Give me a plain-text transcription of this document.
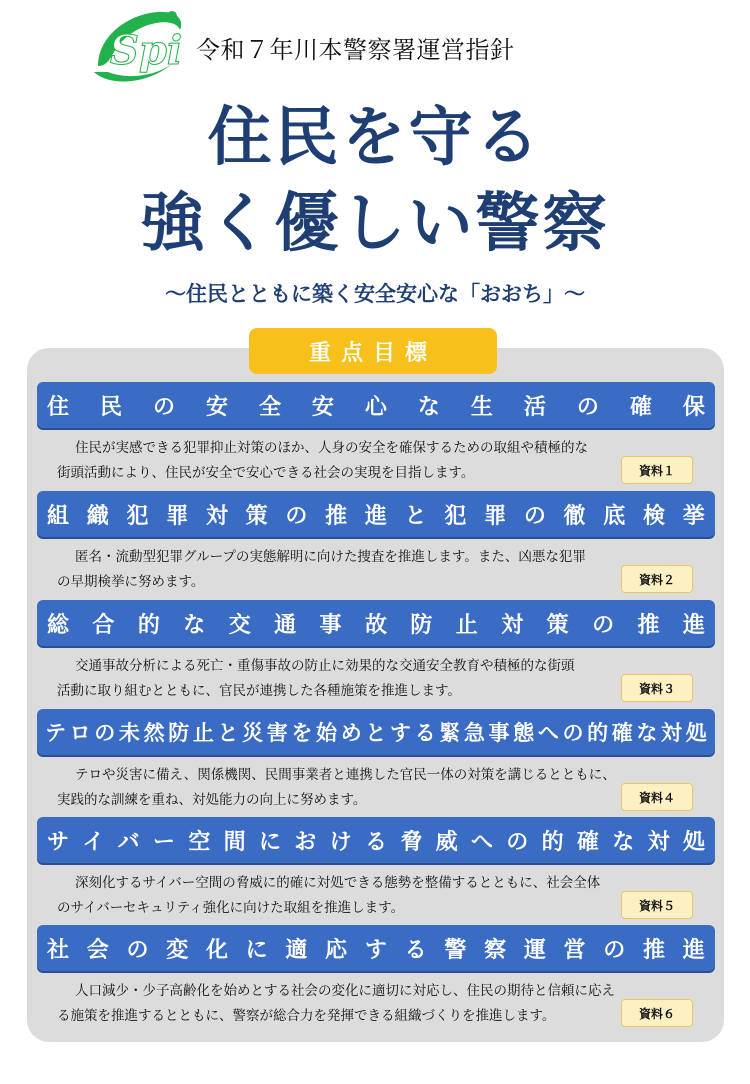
Spi 令和７年川本警察署運営指針
住民を守る
強く優しい警察
～住民とともに築く安全安心な「おおち」～
重点目標
住 民 の 安 全 安 心 な 生 活 の 確 保
住民が実感できる犯罪抑止対策のほか、人身の安全を確保するための取組や積極的な
街頭活動により、住民が安全で安心できる社会の実現を目指します。	資料１
組 織 犯 罪 対 策 の 推 進 と 犯 罪 の 徹 底 検 挙
匿名・流動型犯罪グループの実態解明に向けた捜査を推進します。また、凶悪な犯罪
の早期検挙に努めます。	資料２
総 合 的 な 交 通 事 故 防 止 対 策 の 推 進
交通事故分析による死亡・重傷事故の防止に効果的な交通安全教育や積極的な街頭
活動に取り組むとともに、官民が連携した各種施策を推進します。	資料３
テ ロ の 未 然 防 止 と 災 害 を 始 め と す る 緊 急 事 態 へ の 的 確 な 対 処
テロや災害に備え、関係機関、民間事業者と連携した官民一体の対策を講じるとともに、
実践的な訓練を重ね、対処能力の向上に努めます。	資料４
サ イ バ ー 空 間 に お け る 脅 威 へ の 的 確 な 対 処
深刻化するサイバー空間の脅威に的確に対処できる態勢を整備するとともに、社会全体
のサイバーセキュリティ強化に向けた取組を推進します。	資料５
社 会 の 変 化 に 適 応 す る 警 察 運 営 の 推 進
人口減少・少子高齢化を始めとする社会の変化に適切に対応し、住民の期待と信頼に応え
る施策を推進するとともに、警察が総合力を発揮できる組織づくりを推進します。	資料６
